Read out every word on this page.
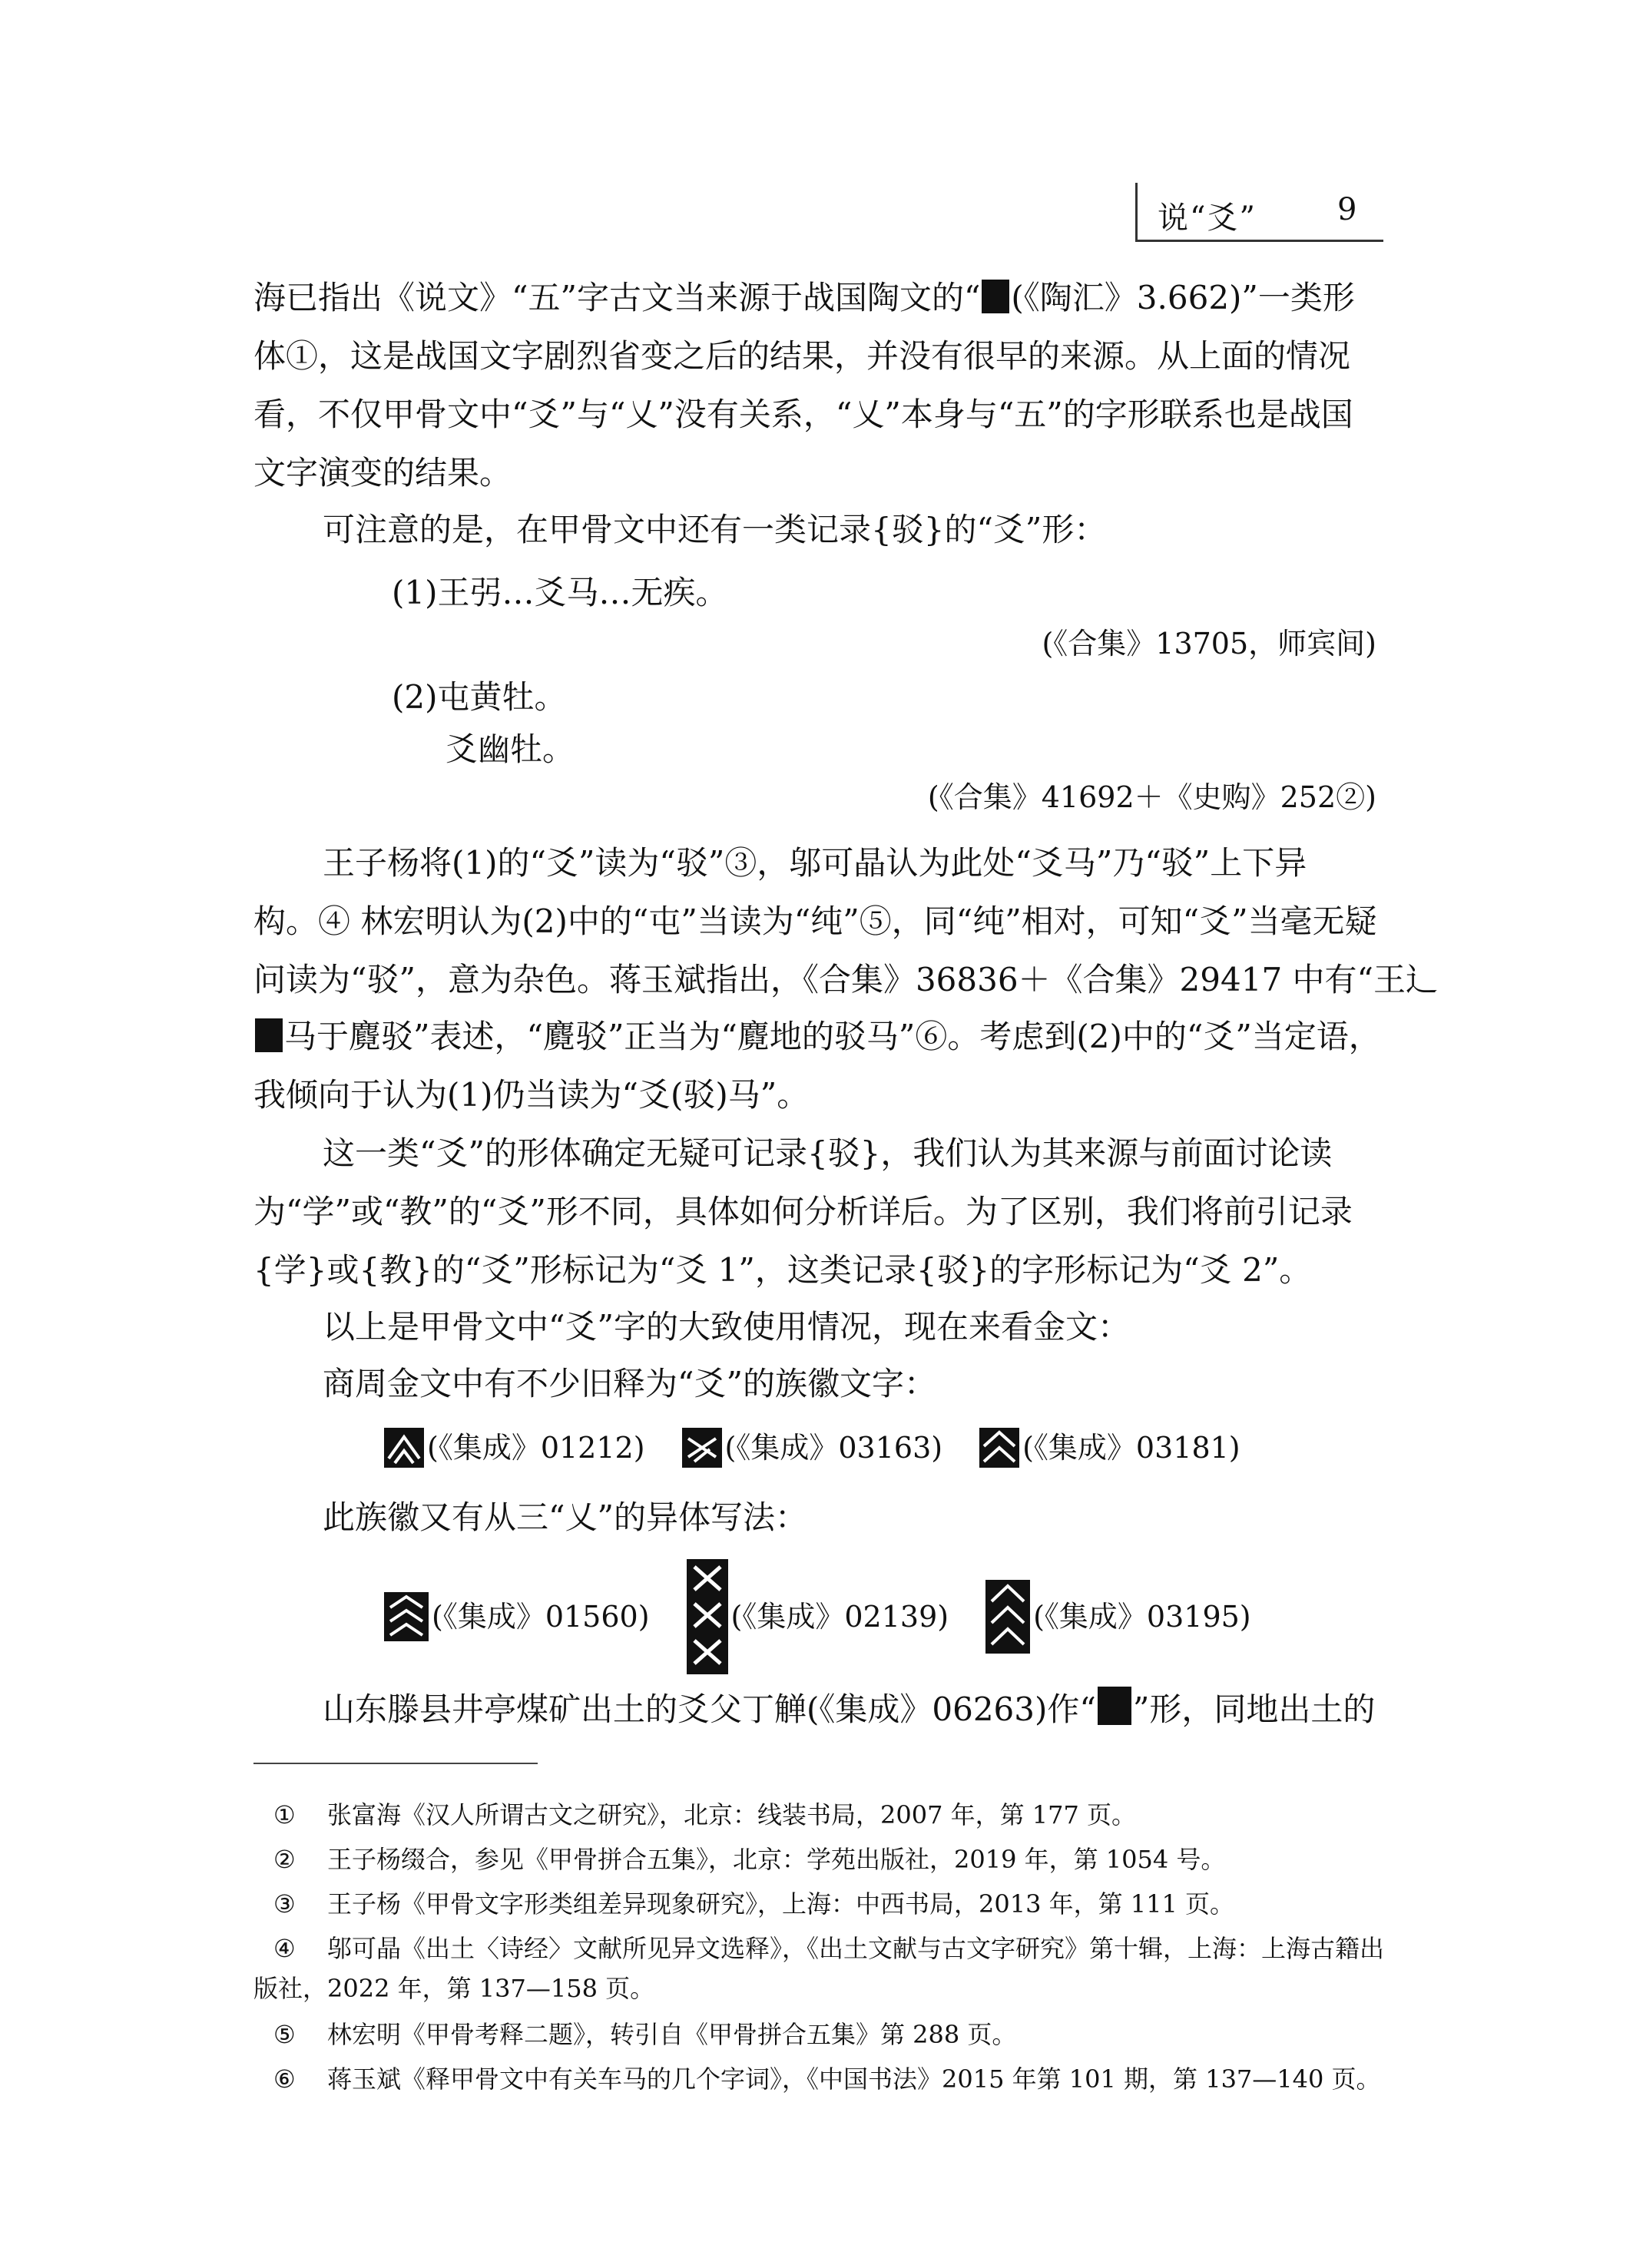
说“爻”	9
海已指出《说文》“五”字古文当来源于战国陶文的“ (《陶汇》3.662)”一类形
体①，这是战国文字剧烈省变之后的结果，并没有很早的来源。从上面的情况
看，不仅甲骨文中“爻”与“乂”没有关系，“乂”本身与“五”的字形联系也是战国
文字演变的结果。
可注意的是，在甲骨文中还有一类记录{驳}的“爻”形：
(1)王弜…爻马…无疾。
(《合集》13705，师宾间)
(2)屯黄牡。
爻幽牡。
(《合集》41692＋《史购》252②)
王子杨将(1)的“爻”读为“驳”③，邬可晶认为此处“爻马”乃“驳”上下异
构。④ 林宏明认为(2)中的“屯”当读为“纯”⑤，同“纯”相对，可知“爻”当毫无疑
问读为“驳”，意为杂色。蒋玉斌指出，《合集》36836＋《合集》29417 中有“王辶
马于麑驳”表述，“麑驳”正当为“麑地的驳马”⑥。考虑到(2)中的“爻”当定语，
我倾向于认为(1)仍当读为“爻(驳)马”。
这一类“爻”的形体确定无疑可记录{驳}，我们认为其来源与前面讨论读
为“学”或“教”的“爻”形不同，具体如何分析详后。为了区别，我们将前引记录
{学}或{教}的“爻”形标记为“爻 1”，这类记录{驳}的字形标记为“爻 2”。
以上是甲骨文中“爻”字的大致使用情况，现在来看金文：
商周金文中有不少旧释为“爻”的族徽文字：
(《集成》01212)	(《集成》03163)	(《集成》03181)
此族徽又有从三“乂”的异体写法：
(《集成》01560)	(《集成》02139)	(《集成》03195)
山东滕县井亭煤矿出土的爻父丁觯(《集成》06263)作“ ”形，同地出土的
① 张富海《汉人所谓古文之研究》，北京：线装书局，2007 年，第 177 页。
② 王子杨缀合，参见《甲骨拼合五集》，北京：学苑出版社，2019 年，第 1054 号。
③ 王子杨《甲骨文字形类组差异现象研究》，上海：中西书局，2013 年，第 111 页。
④ 邬可晶《出土〈诗经〉文献所见异文选释》，《出土文献与古文字研究》第十辑，上海：上海古籍出
版社，2022 年，第 137—158 页。
⑤ 林宏明《甲骨考释二题》，转引自《甲骨拼合五集》第 288 页。
⑥ 蒋玉斌《释甲骨文中有关车马的几个字词》，《中国书法》2015 年第 101 期，第 137—140 页。
